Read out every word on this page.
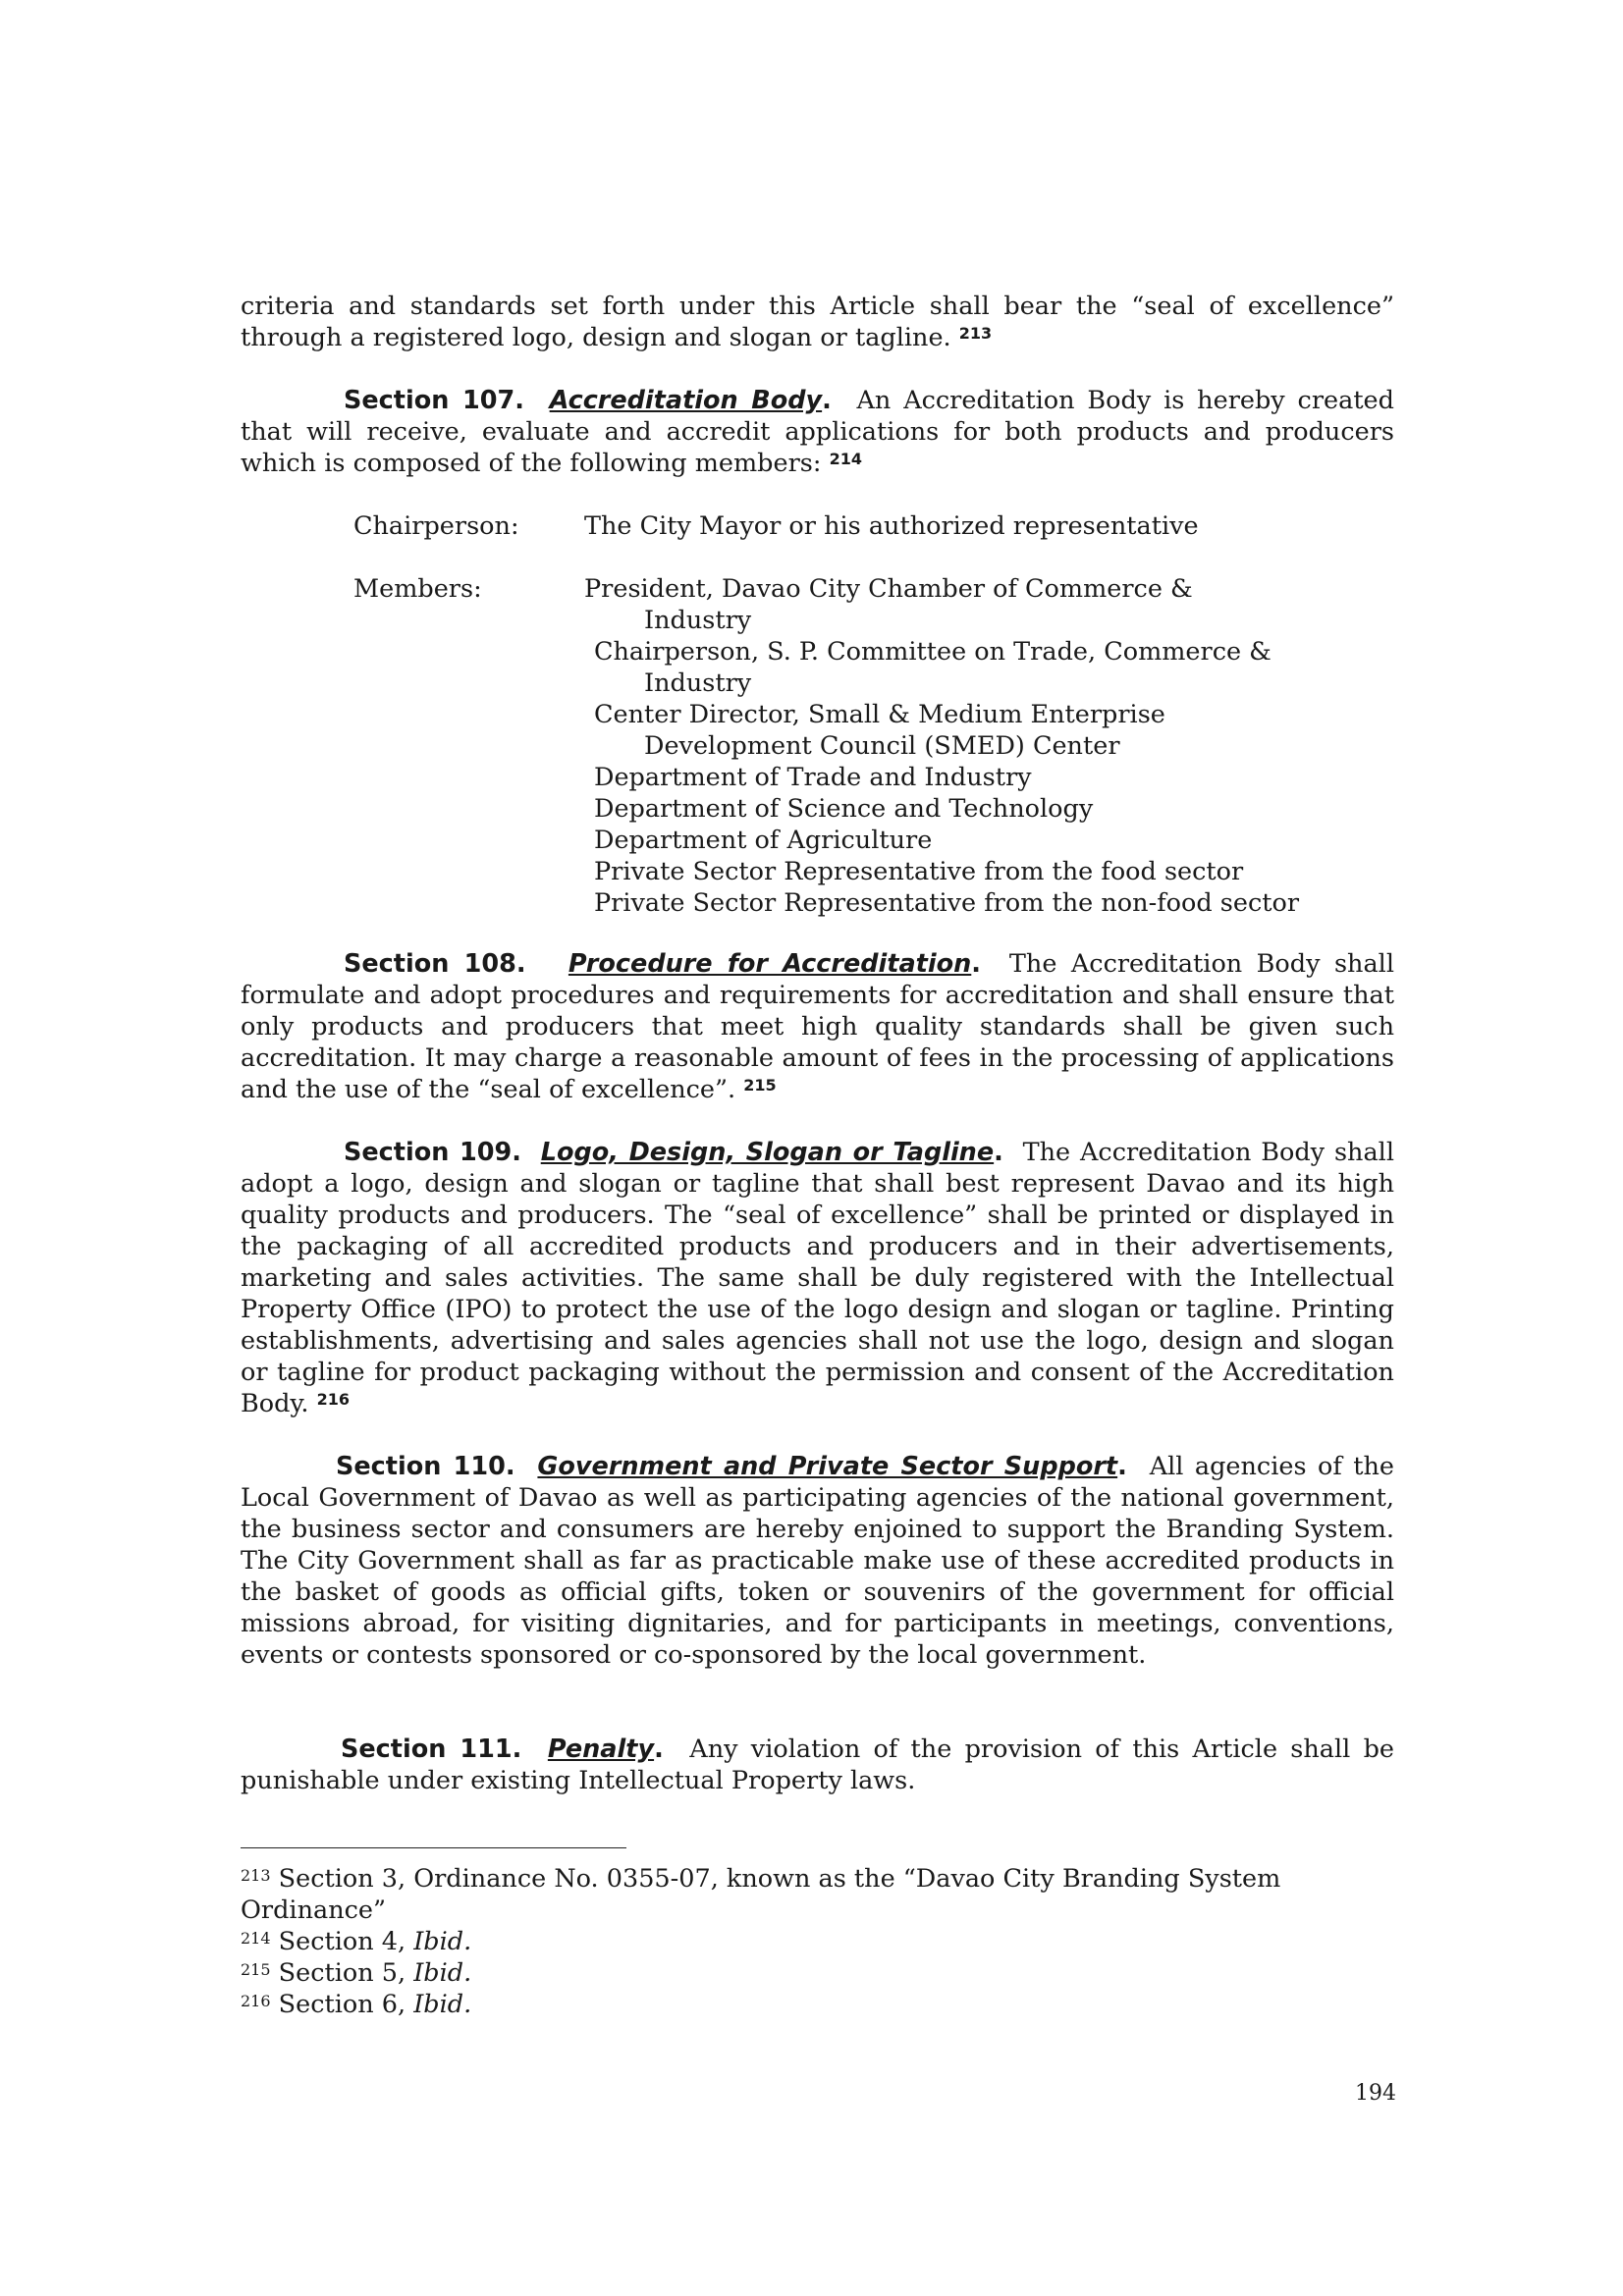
criteria and standards set forth under this Article shall bear the “seal of excellence” through a registered logo, design and slogan or tagline. $^{213}$

Section 107. Accreditation Body. An Accreditation Body is hereby created that will receive, evaluate and accredit applications for both products and producers which is composed of the following members: $^{214}$

Chairperson:	The City Mayor or his authorized representative
Members:	President, Davao City Chamber of Commerce &
Industry
Chairperson, S. P. Committee on Trade, Commerce &
Industry
Center Director, Small & Medium Enterprise
Development Council (SMED) Center
Department of Trade and Industry
Department of Science and Technology
Department of Agriculture
Private Sector Representative from the food sector
Private Sector Representative from the non-food sector

Section 108. Procedure for Accreditation. The Accreditation Body shall formulate and adopt procedures and requirements for accreditation and shall ensure that only products and producers that meet high quality standards shall be given such accreditation. It may charge a reasonable amount of fees in the processing of applications and the use of the “seal of excellence”. $^{215}$

Section 109. Logo, Design, Slogan or Tagline. The Accreditation Body shall adopt a logo, design and slogan or tagline that shall best represent Davao and its high quality products and producers. The “seal of excellence” shall be printed or displayed in the packaging of all accredited products and producers and in their advertisements, marketing and sales activities. The same shall be duly registered with the Intellectual Property Office (IPO) to protect the use of the logo design and slogan or tagline. Printing establishments, advertising and sales agencies shall not use the logo, design and slogan or tagline for product packaging without the permission and consent of the Accreditation Body. $^{216}$

Section 110. Government and Private Sector Support. All agencies of the Local Government of Davao as well as participating agencies of the national government, the business sector and consumers are hereby enjoined to support the Branding System. The City Government shall as far as practicable make use of these accredited products in the basket of goods as official gifts, token or souvenirs of the government for official missions abroad, for visiting dignitaries, and for participants in meetings, conventions, events or contests sponsored or co-sponsored by the local government.

Section 111. Penalty. Any violation of the provision of this Article shall be punishable under existing Intellectual Property laws.

$^{213}$ Section 3, Ordinance No. 0355-07, known as the “Davao City Branding System Ordinance”

$^{214}$ Section 4, Ibid.

$^{215}$ Section 5, Ibid.

$^{216}$ Section 6, Ibid.

194
